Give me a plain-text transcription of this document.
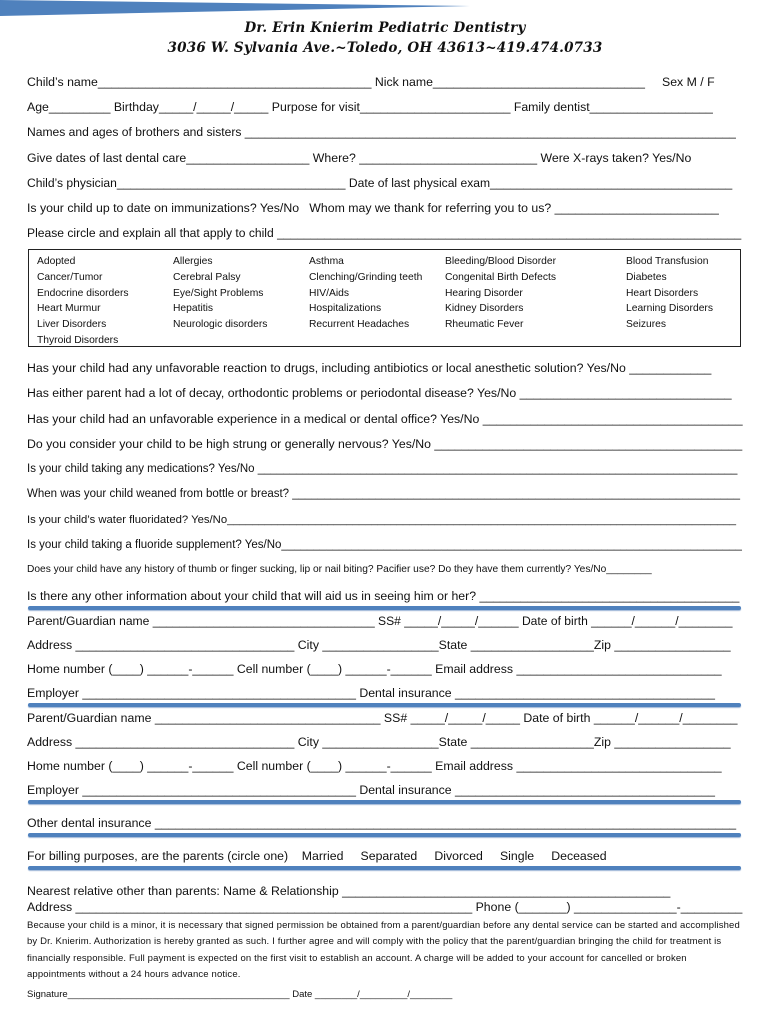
Dr. Erin Knierim Pediatric Dentistry
3036 W. Sylvania Ave.~Toledo, OH 43613~419.474.0733
Child’s name________________________________________ Nick name_______________________________     Sex M / F
Age_________ Birthday_____/_____/_____ Purpose for visit______________________ Family dentist__________________
Names and ages of brothers and sisters _________________________________________________________________________
Give dates of last dental care__________________ Where? __________________________ Were X-rays taken? Yes/No
Child’s physician__________________________________ Date of last physical exam____________________________________
Is your child up to date on immunizations? Yes/No   Whom may we thank for referring you to us? ________________________
Please circle and explain all that apply to child _____________________________________________________________________
Adopted
Cancer/Tumor
Endocrine disorders
Heart Murmur
Liver Disorders
Thyroid Disorders
Allergies
Cerebral Palsy
Eye/Sight Problems
Hepatitis
Neurologic disorders
Asthma
Clenching/Grinding teeth
HIV/Aids
Hospitalizations
Recurrent Headaches
Bleeding/Blood Disorder
Congenital Birth Defects
Hearing Disorder
Kidney Disorders
Rheumatic Fever
Blood Transfusion
Diabetes
Heart Disorders
Learning Disorders
Seizures
Has your child had any unfavorable reaction to drugs, including antibiotics or local anesthetic solution? Yes/No ____________
Has either parent had a lot of decay, orthodontic problems or periodontal disease? Yes/No _______________________________
Has your child had an unfavorable experience in a medical or dental office? Yes/No ______________________________________
Do you consider your child to be high strung or generally nervous? Yes/No _____________________________________________
Is your child taking any medications? Yes/No ___________________________________________________________________________
When was your child weaned from bottle or breast? ______________________________________________________________________
Is your child’s water fluoridated? Yes/No_________________________________________________________________________________
Is your child taking a fluoride supplement? Yes/No________________________________________________________________________
Does your child have any history of thumb or finger sucking, lip or nail biting? Pacifier use? Do they have them currently? Yes/No________
Is there any other information about your child that will aid us in seeing him or her? ______________________________________
Parent/Guardian name _________________________________ SS# _____/_____/______ Date of birth ______/______/________
Address ________________________________ City _________________State __________________Zip _________________
Home number (____) ______-______ Cell number (____) ______-______ Email address ______________________________
Employer ________________________________________ Dental insurance ______________________________________
Parent/Guardian name _________________________________ SS# _____/_____/_____ Date of birth ______/______/________
Address ________________________________ City _________________State __________________Zip _________________
Home number (____) ______-______ Cell number (____) ______-______ Email address ______________________________
Employer ________________________________________ Dental insurance ______________________________________
Other dental insurance _____________________________________________________________________________________
For billing purposes, are the parents (circle one)    Married     Separated     Divorced     Single     Deceased
Nearest relative other than parents: Name & Relationship ________________________________________________
Address __________________________________________________________ Phone (_______) _______________-_________
Because your child is a minor, it is necessary that signed permission be obtained from a parent/guardian before any dental service can be started and accomplished by Dr. Knierim. Authorization is hereby granted as such. I further agree and will comply with the policy that the parent/guardian bringing the child for treatment is financially responsible. Full payment is expected on the first visit to establish an account. A charge will be added to your account for cancelled or broken appointments without a 24 hours advance notice.
Signature__________________________________________ Date ________/_________/________
